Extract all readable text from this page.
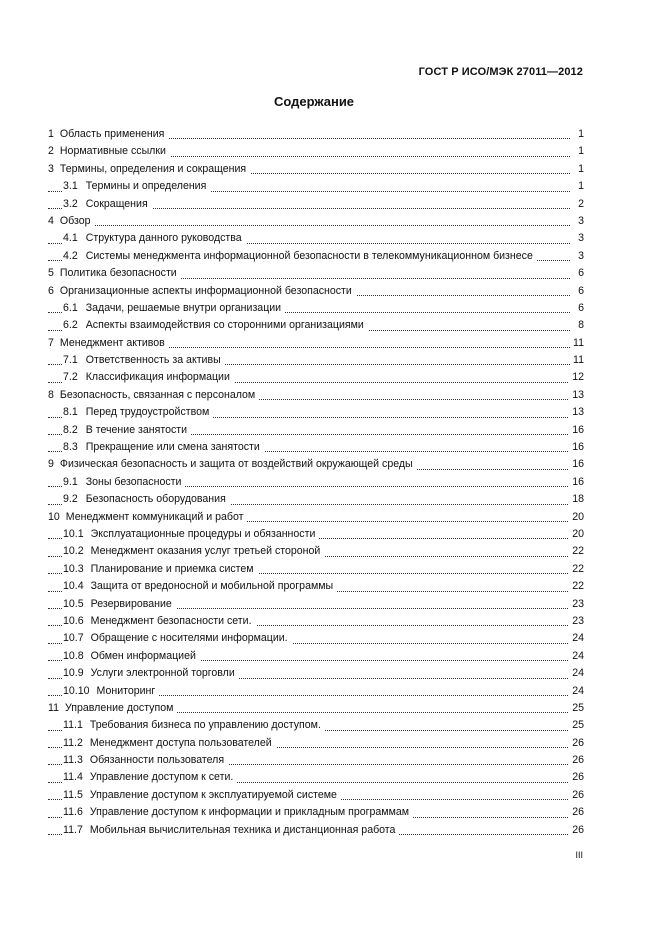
ГОСТ Р ИСО/МЭК 27011—2012
Содержание
1 Область применения	1
2 Нормативные ссылки	1
3 Термины, определения и сокращения	1
3.1 Термины и определения	1
3.2 Сокращения	2
4 Обзор	3
4.1 Структура данного руководства	3
4.2 Системы менеджмента информационной безопасности в телекоммуникационном бизнесе	3
5 Политика безопасности	6
6 Организационные аспекты информационной безопасности	6
6.1 Задачи, решаемые внутри организации	6
6.2 Аспекты взаимодействия со сторонними организациями	8
7 Менеджмент активов	11
7.1 Ответственность за активы	11
7.2 Классификация информации	12
8 Безопасность, связанная с персоналом	13
8.1 Перед трудоустройством	13
8.2 В течение занятости	16
8.3 Прекращение или смена занятости	16
9 Физическая безопасность и защита от воздействий окружающей среды	16
9.1 Зоны безопасности	16
9.2 Безопасность оборудования	18
10 Менеджмент коммуникаций и работ	20
10.1 Эксплуатационные процедуры и обязанности	20
10.2 Менеджмент оказания услуг третьей стороной	22
10.3 Планирование и приемка систем	22
10.4 Защита от вредоносной и мобильной программы	22
10.5 Резервирование	23
10.6 Менеджмент безопасности сети.	23
10.7 Обращение с носителями информации.	24
10.8 Обмен информацией	24
10.9 Услуги электронной торговли	24
10.10 Мониторинг	24
11 Управление доступом	25
11.1 Требования бизнеса по управлению доступом.	25
11.2 Менеджмент доступа пользователей	26
11.3 Обязанности пользователя	26
11.4 Управление доступом к сети.	26
11.5 Управление доступом к эксплуатируемой системе	26
11.6 Управление доступом к информации и прикладным программам	26
11.7 Мобильная вычислительная техника и дистанционная работа	26
III
